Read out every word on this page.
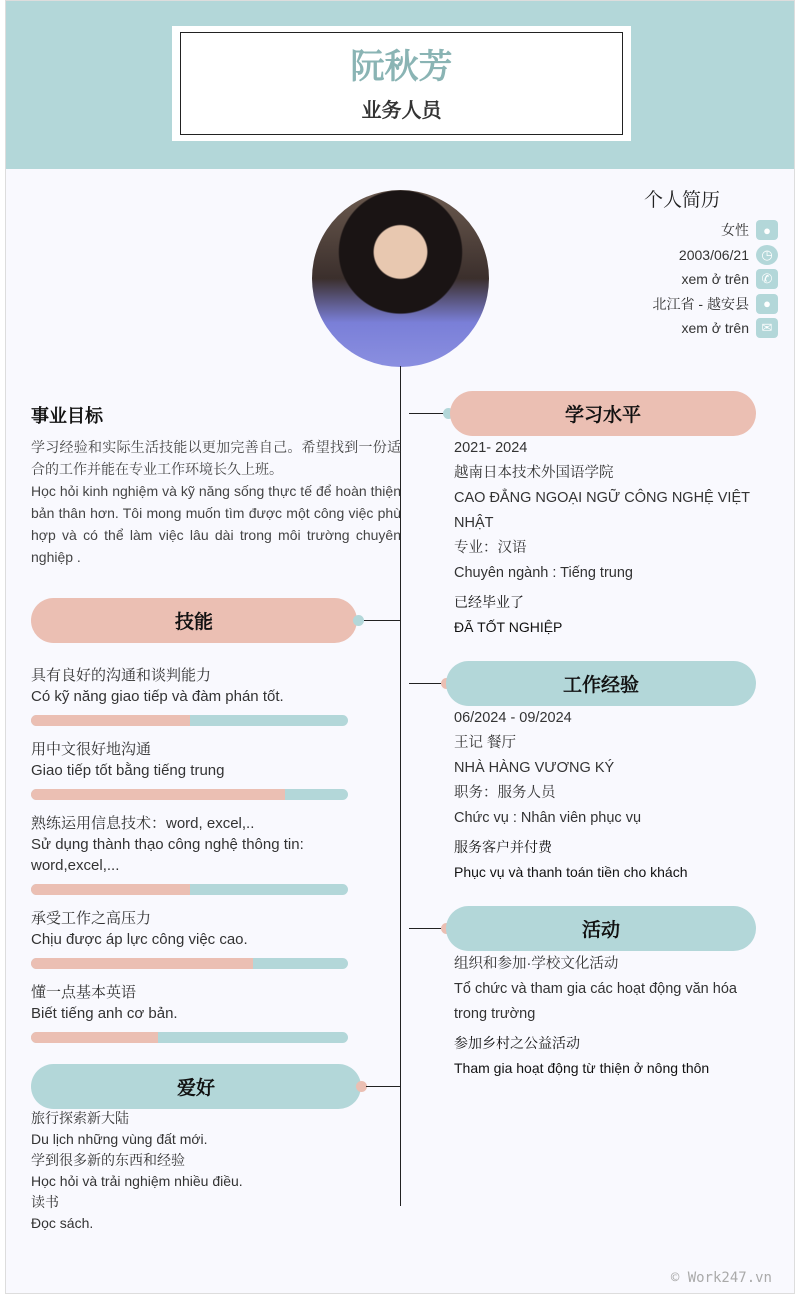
阮秋芳
业务人员
个人简历
女性	●
2003/06/21 ◷
xem ở trên ✆
北江省 - 越安县	●
xem ở trên ✉
事业目标
学习经验和实际生活技能以更加完善自己。希望找到一份适合的工作并能在专业工作环境长久上班。
Học hỏi kinh nghiệm và kỹ năng sống thực tế để hoàn thiện bản thân hơn. Tôi mong muốn tìm được một công việc phù hợp và có thể làm việc lâu dài trong môi trường chuyên nghiệp .
技能
具有良好的沟通和谈判能力
Có kỹ năng giao tiếp và đàm phán tốt.
用中文很好地沟通
Giao tiếp tốt bằng tiếng trung
熟练运用信息技术：word, excel,..
Sử dụng thành thạo công nghệ thông tin: word,excel,...
承受工作之高压力
Chịu được áp lực công việc cao.
懂一点基本英语
Biết tiếng anh cơ bản.
爱好
旅行探索新大陆
Du lịch những vùng đất mới.
学到很多新的东西和经验
Học hỏi và trải nghiệm nhiều điều.
读书
Đọc sách.
学习水平
2021- 2024
越南日本技术外国语学院
CAO ĐẲNG NGOẠI NGỮ CÔNG NGHỆ VIỆT NHẬT
专业：汉语
Chuyên ngành : Tiếng trung
已经毕业了
ĐÃ TỐT NGHIỆP
工作经验
06/2024 - 09/2024
王记 餐厅
NHÀ HÀNG VƯƠNG KÝ
职务：服务人员
Chức vụ : Nhân viên phục vụ
服务客户并付费
Phục vụ và thanh toán tiền cho khách
活动
组织和参加·学校文化活动
Tổ chức và tham gia các hoạt động văn hóa trong trường
参加乡村之公益活动
Tham gia hoạt động từ thiện ở nông thôn
© Work247.vn
